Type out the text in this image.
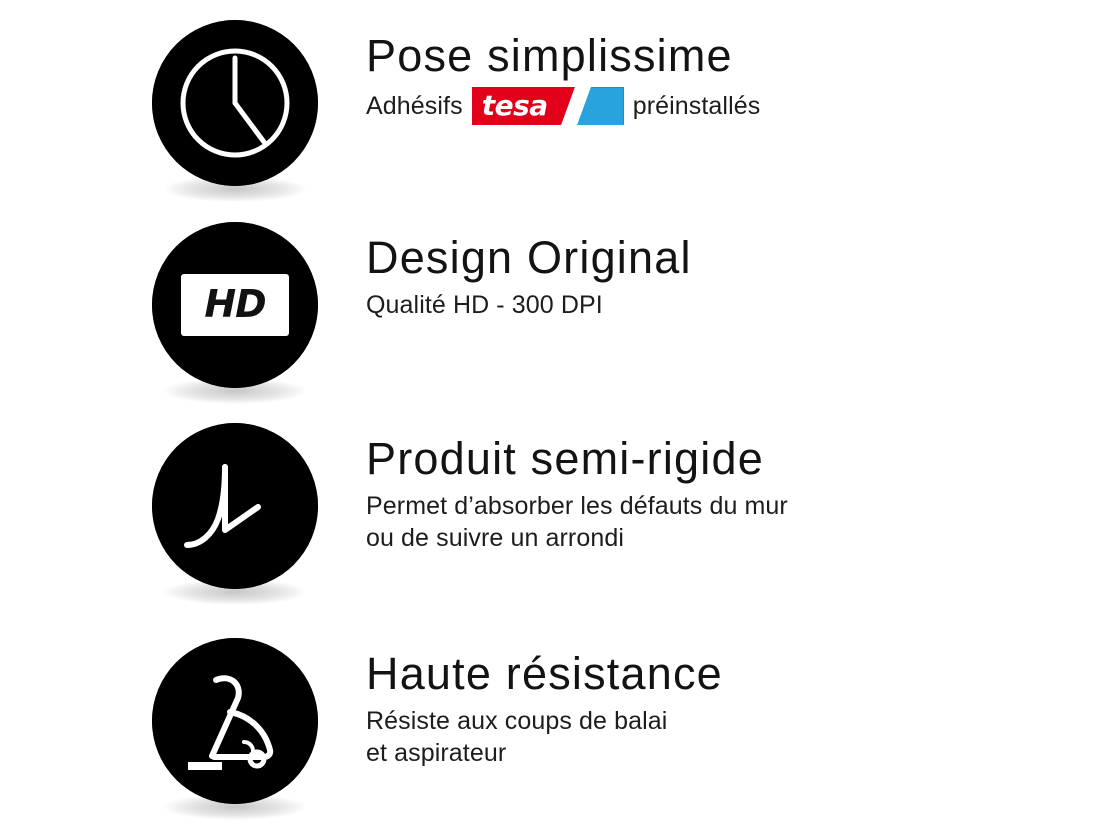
Pose simplissime
Adhésifs tesa ® préinstallés
HD
Design Original
Qualité HD - 300 DPI
Produit semi-rigide
Permet d’absorber les défauts du mur
ou de suivre un arrondi
Haute résistance
Résiste aux coups de balai
et aspirateur
